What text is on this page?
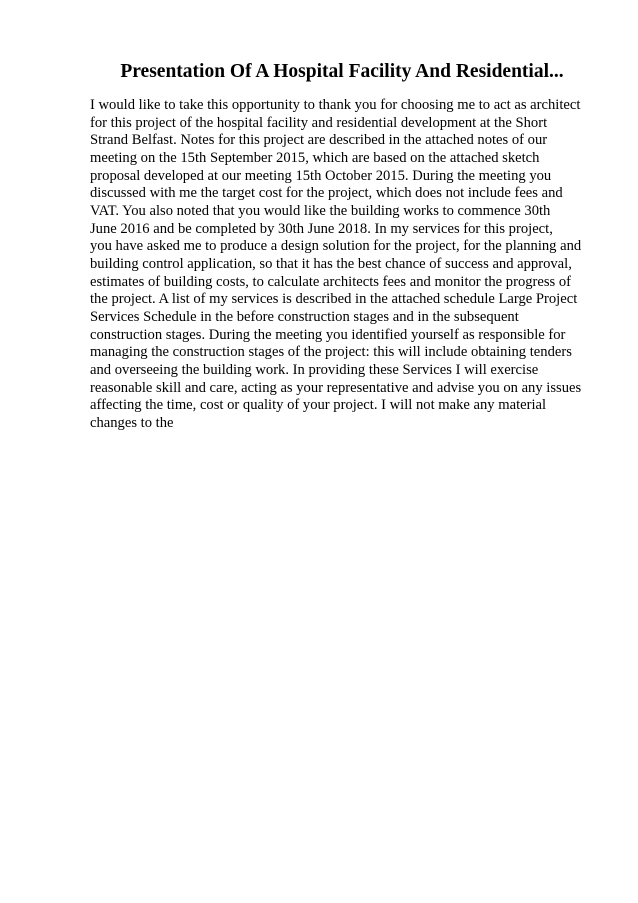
Presentation Of A Hospital Facility And Residential...
I would like to take this opportunity to thank you for choosing me to act as architect
for this project of the hospital facility and residential development at the Short
Strand Belfast. Notes for this project are described in the attached notes of our
meeting on the 15th September 2015, which are based on the attached sketch
proposal developed at our meeting 15th October 2015. During the meeting you
discussed with me the target cost for the project, which does not include fees and
VAT. You also noted that you would like the building works to commence 30th
June 2016 and be completed by 30th June 2018. In my services for this project,
you have asked me to produce a design solution for the project, for the planning and
building control application, so that it has the best chance of success and approval,
estimates of building costs, to calculate architects fees and monitor the progress of
the project. A list of my services is described in the attached schedule Large Project
Services Schedule in the before construction stages and in the subsequent
construction stages. During the meeting you identified yourself as responsible for
managing the construction stages of the project: this will include obtaining tenders
and overseeing the building work. In providing these Services I will exercise
reasonable skill and care, acting as your representative and advise you on any issues
affecting the time, cost or quality of your project. I will not make any material
changes to the
